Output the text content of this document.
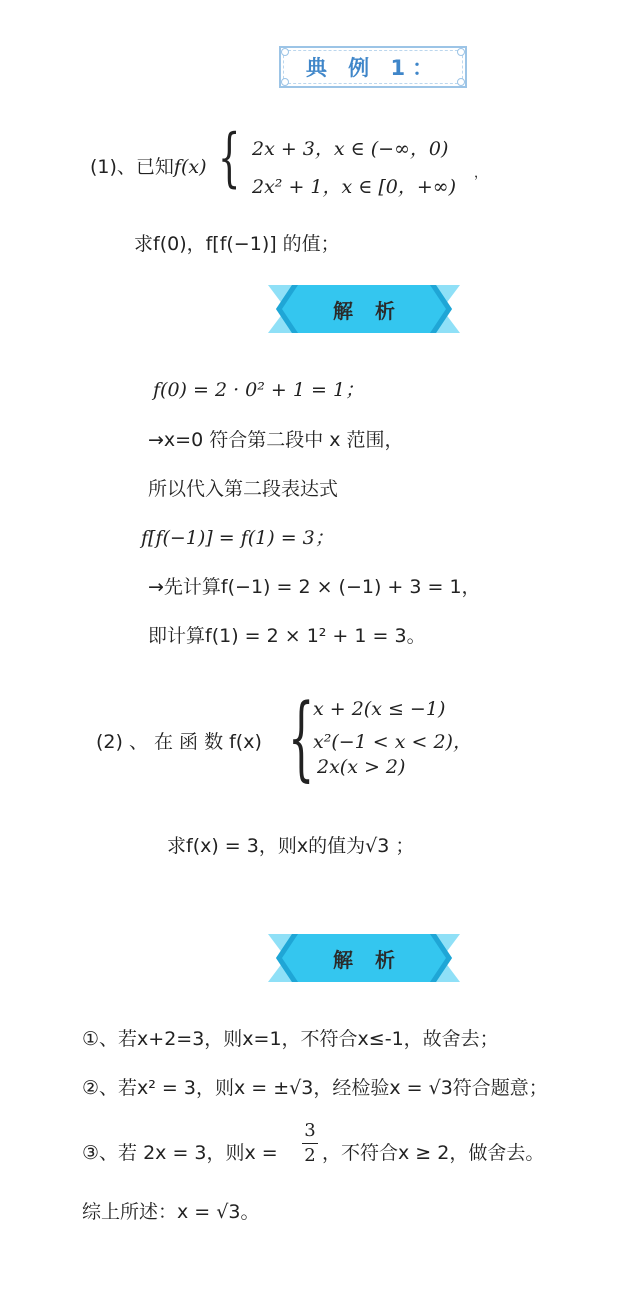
典 例 1：
(1)、已知f(x) { 2x + 3，x ∈ (−∞，0)
2x² + 1，x ∈ [0，+∞)
，
求f(0)，f[f(−1)] 的值；
解析
f(0) = 2 · 0² + 1 = 1；
→x=0 符合第二段中 x 范围，
所以代入第二段表达式
f[f(−1)] = f(1) = 3；
→先计算f(−1) = 2 × (−1) + 3 = 1，
即计算f(1) = 2 × 1² + 1 = 3。
(2) 、 在 函 数 f(x) {
x + 2(x ≤ −1)
x²(−1 < x < 2)，
2x(x > 2)
求f(x) = 3，则x的值为√3 ；
解析
①、若x+2=3，则x=1，不符合x≤-1，故舍去；
②、若x² = 3，则x = ±√3，经检验x = √3符合题意；
③、若 2x = 3，则x =
3
2 ，不符合x ≥ 2，做舍去。
综上所述：x = √3。
